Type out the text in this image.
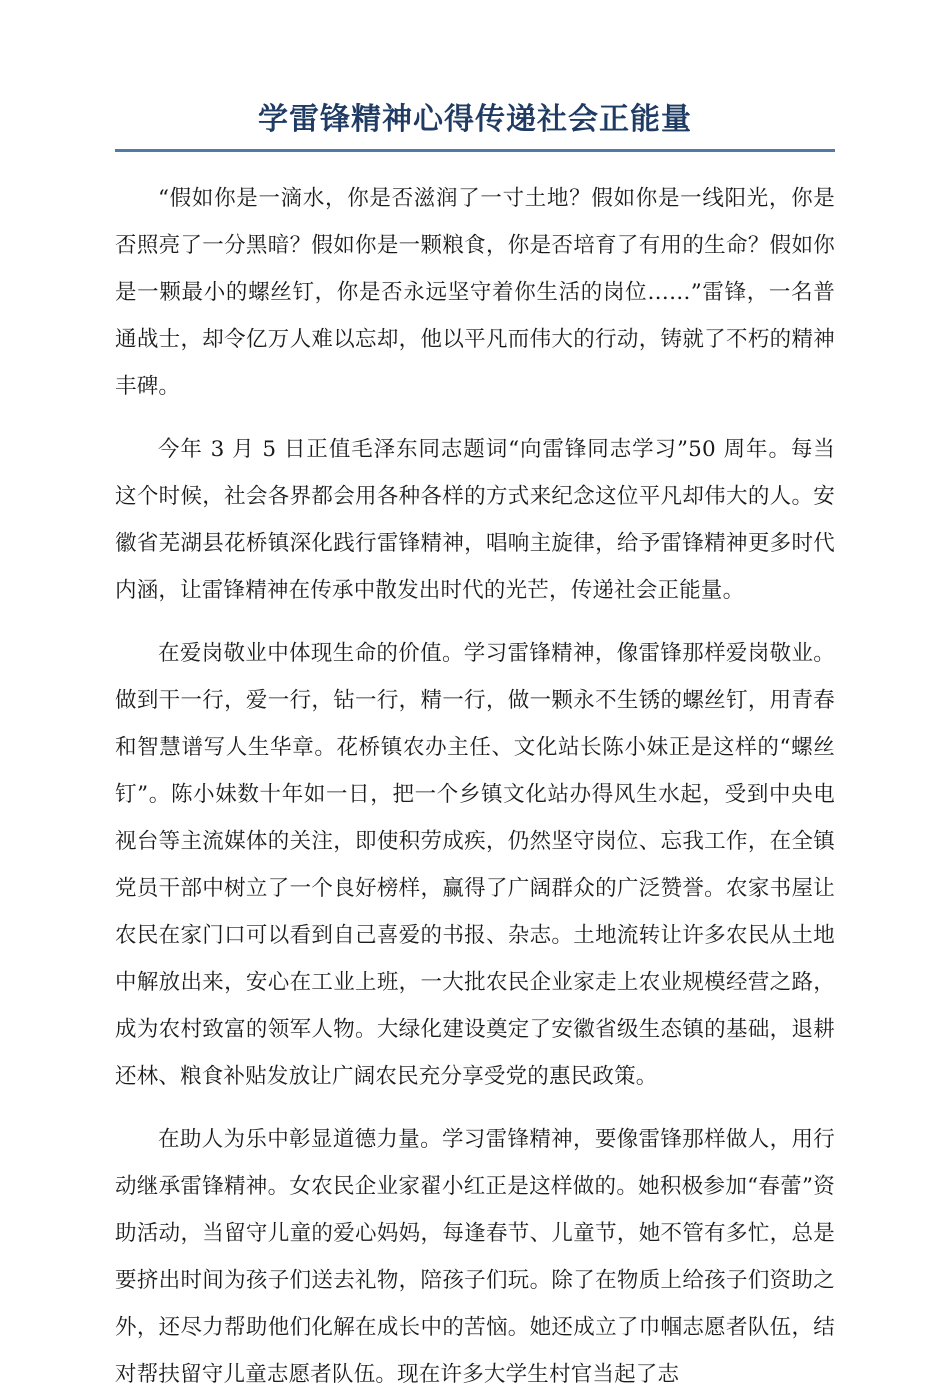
学雷锋精神心得传递社会正能量

“假如你是一滴水，你是否滋润了一寸土地？假如你是一线阳光，你是否照亮了一分黑暗？假如你是一颗粮食，你是否培育了有用的生命？假如你是一颗最小的螺丝钉，你是否永远坚守着你生活的岗位……”雷锋，一名普通战士，却令亿万人难以忘却，他以平凡而伟大的行动，铸就了不朽的精神丰碑。

今年 3 月 5 日正值毛泽东同志题词“向雷锋同志学习”50 周年。每当这个时候，社会各界都会用各种各样的方式来纪念这位平凡却伟大的人。安徽省芜湖县花桥镇深化践行雷锋精神，唱响主旋律，给予雷锋精神更多时代内涵，让雷锋精神在传承中散发出时代的光芒，传递社会正能量。

在爱岗敬业中体现生命的价值。学习雷锋精神，像雷锋那样爱岗敬业。做到干一行，爱一行，钻一行，精一行，做一颗永不生锈的螺丝钉，用青春和智慧谱写人生华章。花桥镇农办主任、文化站长陈小妹正是这样的“螺丝钉”。陈小妹数十年如一日，把一个乡镇文化站办得风生水起，受到中央电视台等主流媒体的关注，即使积劳成疾，仍然坚守岗位、忘我工作，在全镇党员干部中树立了一个良好榜样，赢得了广阔群众的广泛赞誉。农家书屋让农民在家门口可以看到自己喜爱的书报、杂志。土地流转让许多农民从土地中解放出来，安心在工业上班，一大批农民企业家走上农业规模经营之路，成为农村致富的领军人物。大绿化建设奠定了安徽省级生态镇的基础，退耕还林、粮食补贴发放让广阔农民充分享受党的惠民政策。

在助人为乐中彰显道德力量。学习雷锋精神，要像雷锋那样做人，用行动继承雷锋精神。女农民企业家翟小红正是这样做的。她积极参加“春蕾”资助活动，当留守儿童的爱心妈妈，每逢春节、儿童节，她不管有多忙，总是要挤出时间为孩子们送去礼物，陪孩子们玩。除了在物质上给孩子们资助之外，还尽力帮助他们化解在成长中的苦恼。她还成立了巾帼志愿者队伍，结对帮扶留守儿童志愿者队伍。现在许多大学生村官当起了志
